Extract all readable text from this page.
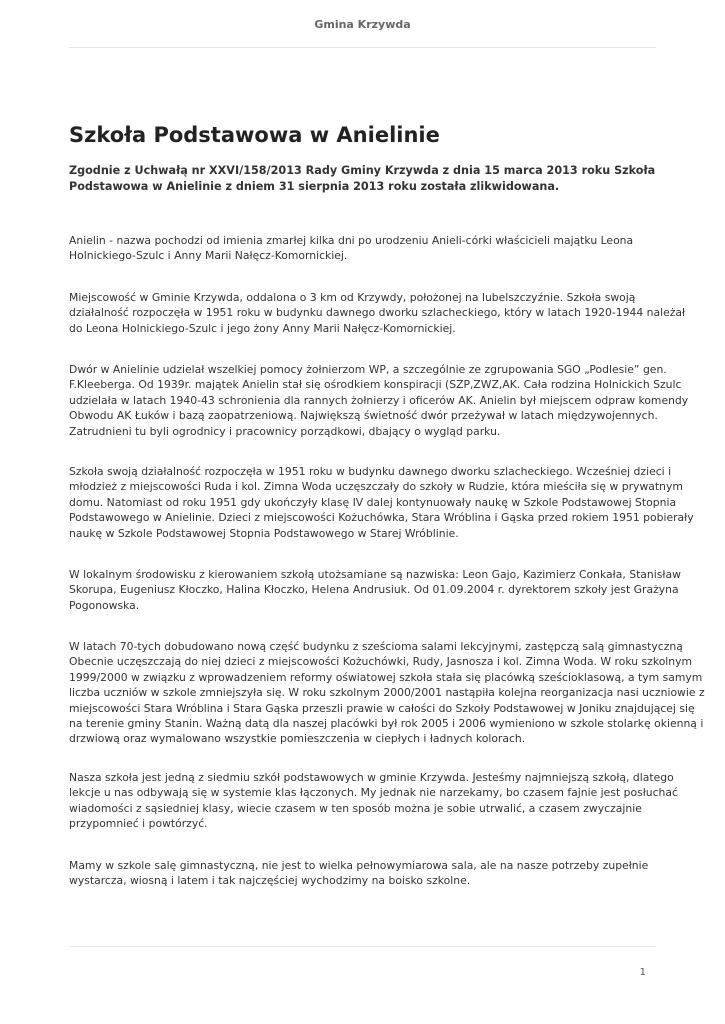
Gmina Krzywda
Szkoła Podstawowa w Anielinie
Zgodnie z Uchwałą nr XXVI/158/2013 Rady Gminy Krzywda z dnia 15 marca 2013 roku Szkoła
Podstawowa w Anielinie z dniem 31 sierpnia 2013 roku została zlikwidowana.
Anielin - nazwa pochodzi od imienia zmarłej kilka dni po urodzeniu Anieli-córki właścicieli majątku Leona
Holnickiego-Szulc i Anny Marii Nałęcz-Komornickiej.
Miejscowość w Gminie Krzywda, oddalona o 3 km od Krzywdy, położonej na lubelszczyźnie. Szkoła swoją
działalność rozpoczęła w 1951 roku w budynku dawnego dworku szlacheckiego, który w latach 1920-1944 należał
do Leona Holnickiego-Szulc i jego żony Anny Marii Nałęcz-Komornickiej.
Dwór w Anielinie udzielał wszelkiej pomocy żołnierzom WP, a szczególnie ze zgrupowania SGO „Podlesie” gen.
F.Kleeberga. Od 1939r. majątek Anielin stał się ośrodkiem konspiracji (SZP,ZWZ,AK. Cała rodzina Holnickich Szulc
udzielała w latach 1940-43 schronienia dla rannych żołnierzy i oficerów AK. Anielin był miejscem odpraw komendy
Obwodu AK Łuków i bazą zaopatrzeniową. Największą świetność dwór przeżywał w latach międzywojennych.
Zatrudnieni tu byli ogrodnicy i pracownicy porządkowi, dbający o wygląd parku.
Szkoła swoją działalność rozpoczęła w 1951 roku w budynku dawnego dworku szlacheckiego. Wcześniej dzieci i
młodzież z miejscowości Ruda i kol. Zimna Woda uczęszczały do szkoły w Rudzie, która mieściła się w prywatnym
domu. Natomiast od roku 1951 gdy ukończyły klasę IV dalej kontynuowały naukę w Szkole Podstawowej Stopnia
Podstawowego w Anielinie. Dzieci z miejscowości Kożuchówka, Stara Wróblina i Gąska przed rokiem 1951 pobierały
naukę w Szkole Podstawowej Stopnia Podstawowego w Starej Wróblinie.
W lokalnym środowisku z kierowaniem szkołą utożsamiane są nazwiska: Leon Gajo, Kazimierz Conkała, Stanisław
Skorupa, Eugeniusz Kłoczko, Halina Kłoczko, Helena Andrusiuk. Od 01.09.2004 r. dyrektorem szkoły jest Grażyna
Pogonowska.
W latach 70-tych dobudowano nową część budynku z sześcioma salami lekcyjnymi, zastępczą salą gimnastyczną
Obecnie uczęszczają do niej dzieci z miejscowości Kożuchówki, Rudy, Jasnosza i kol. Zimna Woda. W roku szkolnym
1999/2000 w związku z wprowadzeniem reformy oświatowej szkoła stała się placówką sześcioklasową, a tym samym
liczba uczniów w szkole zmniejszyła się. W roku szkolnym 2000/2001 nastąpiła kolejna reorganizacja nasi uczniowie z
miejscowości Stara Wróblina i Stara Gąska przeszli prawie w całości do Szkoły Podstawowej w Joniku znajdującej się
na terenie gminy Stanin. Ważną datą dla naszej placówki był rok 2005 i 2006 wymieniono w szkole stolarkę okienną i
drzwiową oraz wymalowano wszystkie pomieszczenia w ciepłych i ładnych kolorach.
Nasza szkoła jest jedną z siedmiu szkół podstawowych w gminie Krzywda. Jesteśmy najmniejszą szkołą, dlatego
lekcje u nas odbywają się w systemie klas łączonych. My jednak nie narzekamy, bo czasem fajnie jest posłuchać
wiadomości z sąsiedniej klasy, wiecie czasem w ten sposób można je sobie utrwalić, a czasem zwyczajnie
przypomnieć i powtórzyć.
Mamy w szkole salę gimnastyczną, nie jest to wielka pełnowymiarowa sala, ale na nasze potrzeby zupełnie
wystarcza, wiosną i latem i tak najczęściej wychodzimy na boisko szkolne.
1
